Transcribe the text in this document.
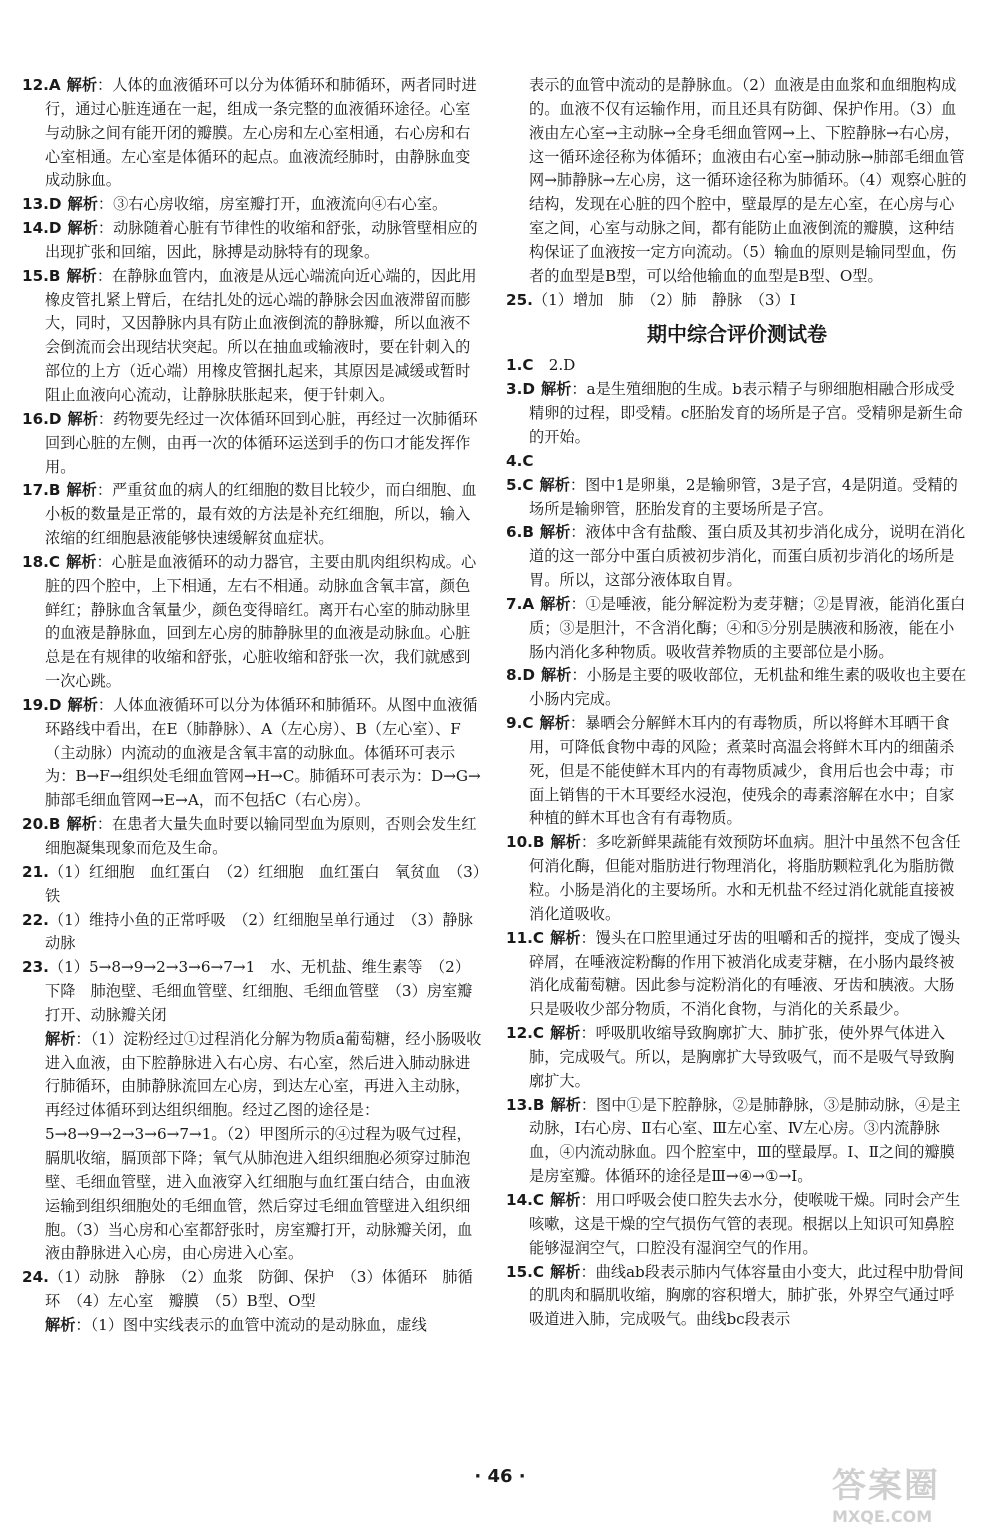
12.A 解析：人体的血液循环可以分为体循环和肺循环，两者同时进行，通过心脏连通在一起，组成一条完整的血液循环途径。心室与动脉之间有能开闭的瓣膜。左心房和左心室相通，右心房和右心室相通。左心室是体循环的起点。血液流经肺时，由静脉血变成动脉血。
13.D 解析：③右心房收缩，房室瓣打开，血液流向④右心室。
14.D 解析：动脉随着心脏有节律性的收缩和舒张，动脉管壁相应的出现扩张和回缩，因此，脉搏是动脉特有的现象。
15.B 解析：在静脉血管内，血液是从远心端流向近心端的，因此用橡皮管扎紧上臂后，在结扎处的远心端的静脉会因血液滞留而膨大，同时，又因静脉内具有防止血液倒流的静脉瓣，所以血液不会倒流而会出现结状突起。所以在抽血或输液时，要在针刺入的部位的上方（近心端）用橡皮管捆扎起来，其原因是减缓或暂时阻止血液向心流动，让静脉肤胀起来，便于针刺入。
16.D 解析：药物要先经过一次体循环回到心脏，再经过一次肺循环回到心脏的左侧，由再一次的体循环运送到手的伤口才能发挥作用。
17.B 解析：严重贫血的病人的红细胞的数目比较少，而白细胞、血小板的数量是正常的，最有效的方法是补充红细胞，所以，输入浓缩的红细胞悬液能够快速缓解贫血症状。
18.C 解析：心脏是血液循环的动力器官，主要由肌肉组织构成。心脏的四个腔中，上下相通，左右不相通。动脉血含氧丰富，颜色鲜红；静脉血含氧量少，颜色变得暗红。离开右心室的肺动脉里的血液是静脉血，回到左心房的肺静脉里的血液是动脉血。心脏总是在有规律的收缩和舒张，心脏收缩和舒张一次，我们就感到一次心跳。
19.D 解析：人体血液循环可以分为体循环和肺循环。从图中血液循环路线中看出，在E（肺静脉）、A（左心房）、B（左心室）、F（主动脉）内流动的血液是含氧丰富的动脉血。体循环可表示为：B→F→组织处毛细血管网→H→C。肺循环可表示为：D→G→肺部毛细血管网→E→A，而不包括C（右心房）。
20.B 解析：在患者大量失血时要以输同型血为原则，否则会发生红细胞凝集现象而危及生命。
21.（1）红细胞　血红蛋白　（2）红细胞　血红蛋白　氧贫血　（3）铁
22.（1）维持小鱼的正常呼吸　（2）红细胞呈单行通过　（3）静脉　动脉
23.（1）5→8→9→2→3→6→7→1　水、无机盐、维生素等　（2）下降　肺泡壁、毛细血管壁、红细胞、毛细血管壁　（3）房室瓣打开、动脉瓣关闭
解析：（1）淀粉经过①过程消化分解为物质a葡萄糖，经小肠吸收进入血液，由下腔静脉进入右心房、右心室，然后进入肺动脉进行肺循环，由肺静脉流回左心房，到达左心室，再进入主动脉，再经过体循环到达组织细胞。经过乙图的途径是：5→8→9→2→3→6→7→1。（2）甲图所示的④过程为吸气过程，膈肌收缩，膈顶部下降；氧气从肺泡进入组织细胞必须穿过肺泡壁、毛细血管壁，进入血液穿入红细胞与血红蛋白结合，由血液运输到组织细胞处的毛细血管，然后穿过毛细血管壁进入组织细胞。（3）当心房和心室都舒张时，房室瓣打开，动脉瓣关闭，血液由静脉进入心房，由心房进入心室。
24.（1）动脉　静脉　（2）血浆　防御、保护　（3）体循环　肺循环　（4）左心室　瓣膜　（5）B型、O型
解析：（1）图中实线表示的血管中流动的是动脉血，虚线
表示的血管中流动的是静脉血。（2）血液是由血浆和血细胞构成的。血液不仅有运输作用，而且还具有防御、保护作用。（3）血液由左心室→主动脉→全身毛细血管网→上、下腔静脉→右心房，这一循环途径称为体循环；血液由右心室→肺动脉→肺部毛细血管网→肺静脉→左心房，这一循环途径称为肺循环。（4）观察心脏的结构，发现在心脏的四个腔中，壁最厚的是左心室，在心房与心室之间，心室与动脉之间，都有能防止血液倒流的瓣膜，这种结构保证了血液按一定方向流动。（5）输血的原则是输同型血，伤者的血型是B型，可以给他输血的血型是B型、O型。
25.（1）增加　肺　（2）肺　静脉　（3）Ⅰ
期中综合评价测试卷
1.C　2.D
3.D 解析：a是生殖细胞的生成。b表示精子与卵细胞相融合形成受精卵的过程，即受精。c胚胎发育的场所是子宫。受精卵是新生命的开始。
4.C
5.C 解析：图中1是卵巢，2是输卵管，3是子宫，4是阴道。受精的场所是输卵管，胚胎发育的主要场所是子宫。
6.B 解析：液体中含有盐酸、蛋白质及其初步消化成分，说明在消化道的这一部分中蛋白质被初步消化，而蛋白质初步消化的场所是胃。所以，这部分液体取自胃。
7.A 解析：①是唾液，能分解淀粉为麦芽糖；②是胃液，能消化蛋白质；③是胆汁，不含消化酶；④和⑤分别是胰液和肠液，能在小肠内消化多种物质。吸收营养物质的主要部位是小肠。
8.D 解析：小肠是主要的吸收部位，无机盐和维生素的吸收也主要在小肠内完成。
9.C 解析：暴晒会分解鲜木耳内的有毒物质，所以将鲜木耳晒干食用，可降低食物中毒的风险；煮菜时高温会将鲜木耳内的细菌杀死，但是不能使鲜木耳内的有毒物质减少，食用后也会中毒；市面上销售的干木耳要经水浸泡，使残余的毒素溶解在水中；自家种植的鲜木耳也含有有毒物质。
10.B 解析：多吃新鲜果蔬能有效预防坏血病。胆汁中虽然不包含任何消化酶，但能对脂肪进行物理消化，将脂肪颗粒乳化为脂肪微粒。小肠是消化的主要场所。水和无机盐不经过消化就能直接被消化道吸收。
11.C 解析：馒头在口腔里通过牙齿的咀嚼和舌的搅拌，变成了馒头碎屑，在唾液淀粉酶的作用下被消化成麦芽糖，在小肠内最终被消化成葡萄糖。因此参与淀粉消化的有唾液、牙齿和胰液。大肠只是吸收少部分物质，不消化食物，与消化的关系最少。
12.C 解析：呼吸肌收缩导致胸廓扩大、肺扩张，使外界气体进入肺，完成吸气。所以，是胸廓扩大导致吸气，而不是吸气导致胸廓扩大。
13.B 解析：图中①是下腔静脉，②是肺静脉，③是肺动脉，④是主动脉，Ⅰ右心房、Ⅱ右心室、Ⅲ左心室、Ⅳ左心房。③内流静脉血，④内流动脉血。四个腔室中，Ⅲ的壁最厚。Ⅰ、Ⅱ之间的瓣膜是房室瓣。体循环的途径是Ⅲ→④→①→Ⅰ。
14.C 解析：用口呼吸会使口腔失去水分，使喉咙干燥。同时会产生咳嗽，这是干燥的空气损伤气管的表现。根据以上知识可知鼻腔能够湿润空气，口腔没有湿润空气的作用。
15.C 解析：曲线ab段表示肺内气体容量由小变大，此过程中肋骨间的肌肉和膈肌收缩，胸廓的容积增大，肺扩张，外界空气通过呼吸道进入肺，完成吸气。曲线bc段表示
· 46 ·	答案圈
MXQE.COM
